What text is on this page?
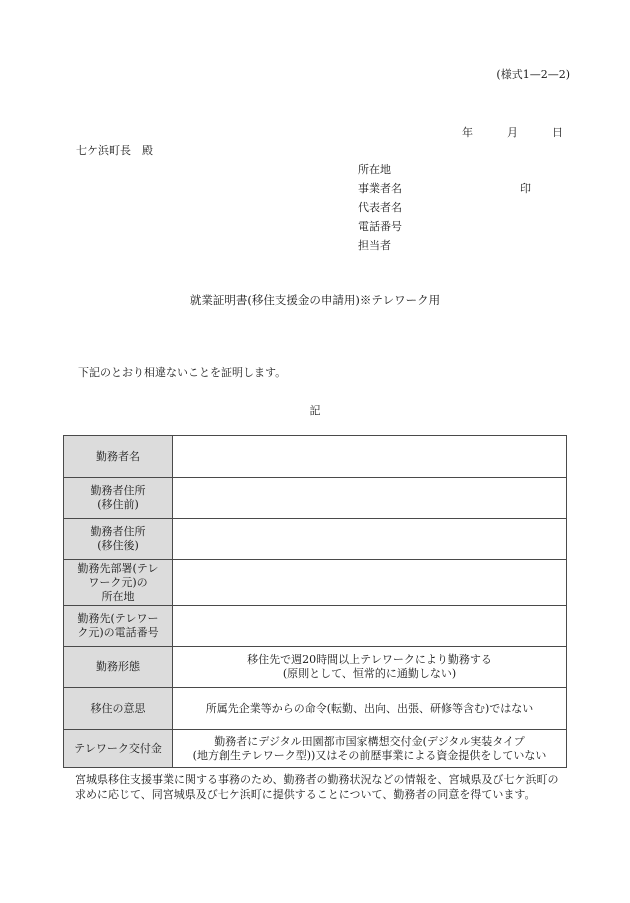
(様式1—2—2)
年	月	日
七ケ浜町長　殿
所在地
事業者名
代表者名
電話番号
担当者
印
就業証明書(移住支援金の申請用)※テレワーク用
下記のとおり相違ないことを証明します。
記
勤務者名	

勤務者住所
(移住前)	

勤務者住所
(移住後)	

勤務先部署(テレ
ワーク元)の
所在地	

勤務先(テレワー
ク元)の電話番号	

勤務形態	移住先で週20時間以上テレワークにより勤務する
(原則として、恒常的に通勤しない)

移住の意思	所属先企業等からの命令(転勤、出向、出張、研修等含む)ではない

テレワーク交付金	勤務者にデジタル田園都市国家構想交付金(デジタル実装タイプ
(地方創生テレワーク型))又はその前歴事業による資金提供をしていない
宮城県移住支援事業に関する事務のため、勤務者の勤務状況などの情報を、宮城県及び七ケ浜町の求めに応じて、同宮城県及び七ケ浜町に提供することについて、勤務者の同意を得ています。
